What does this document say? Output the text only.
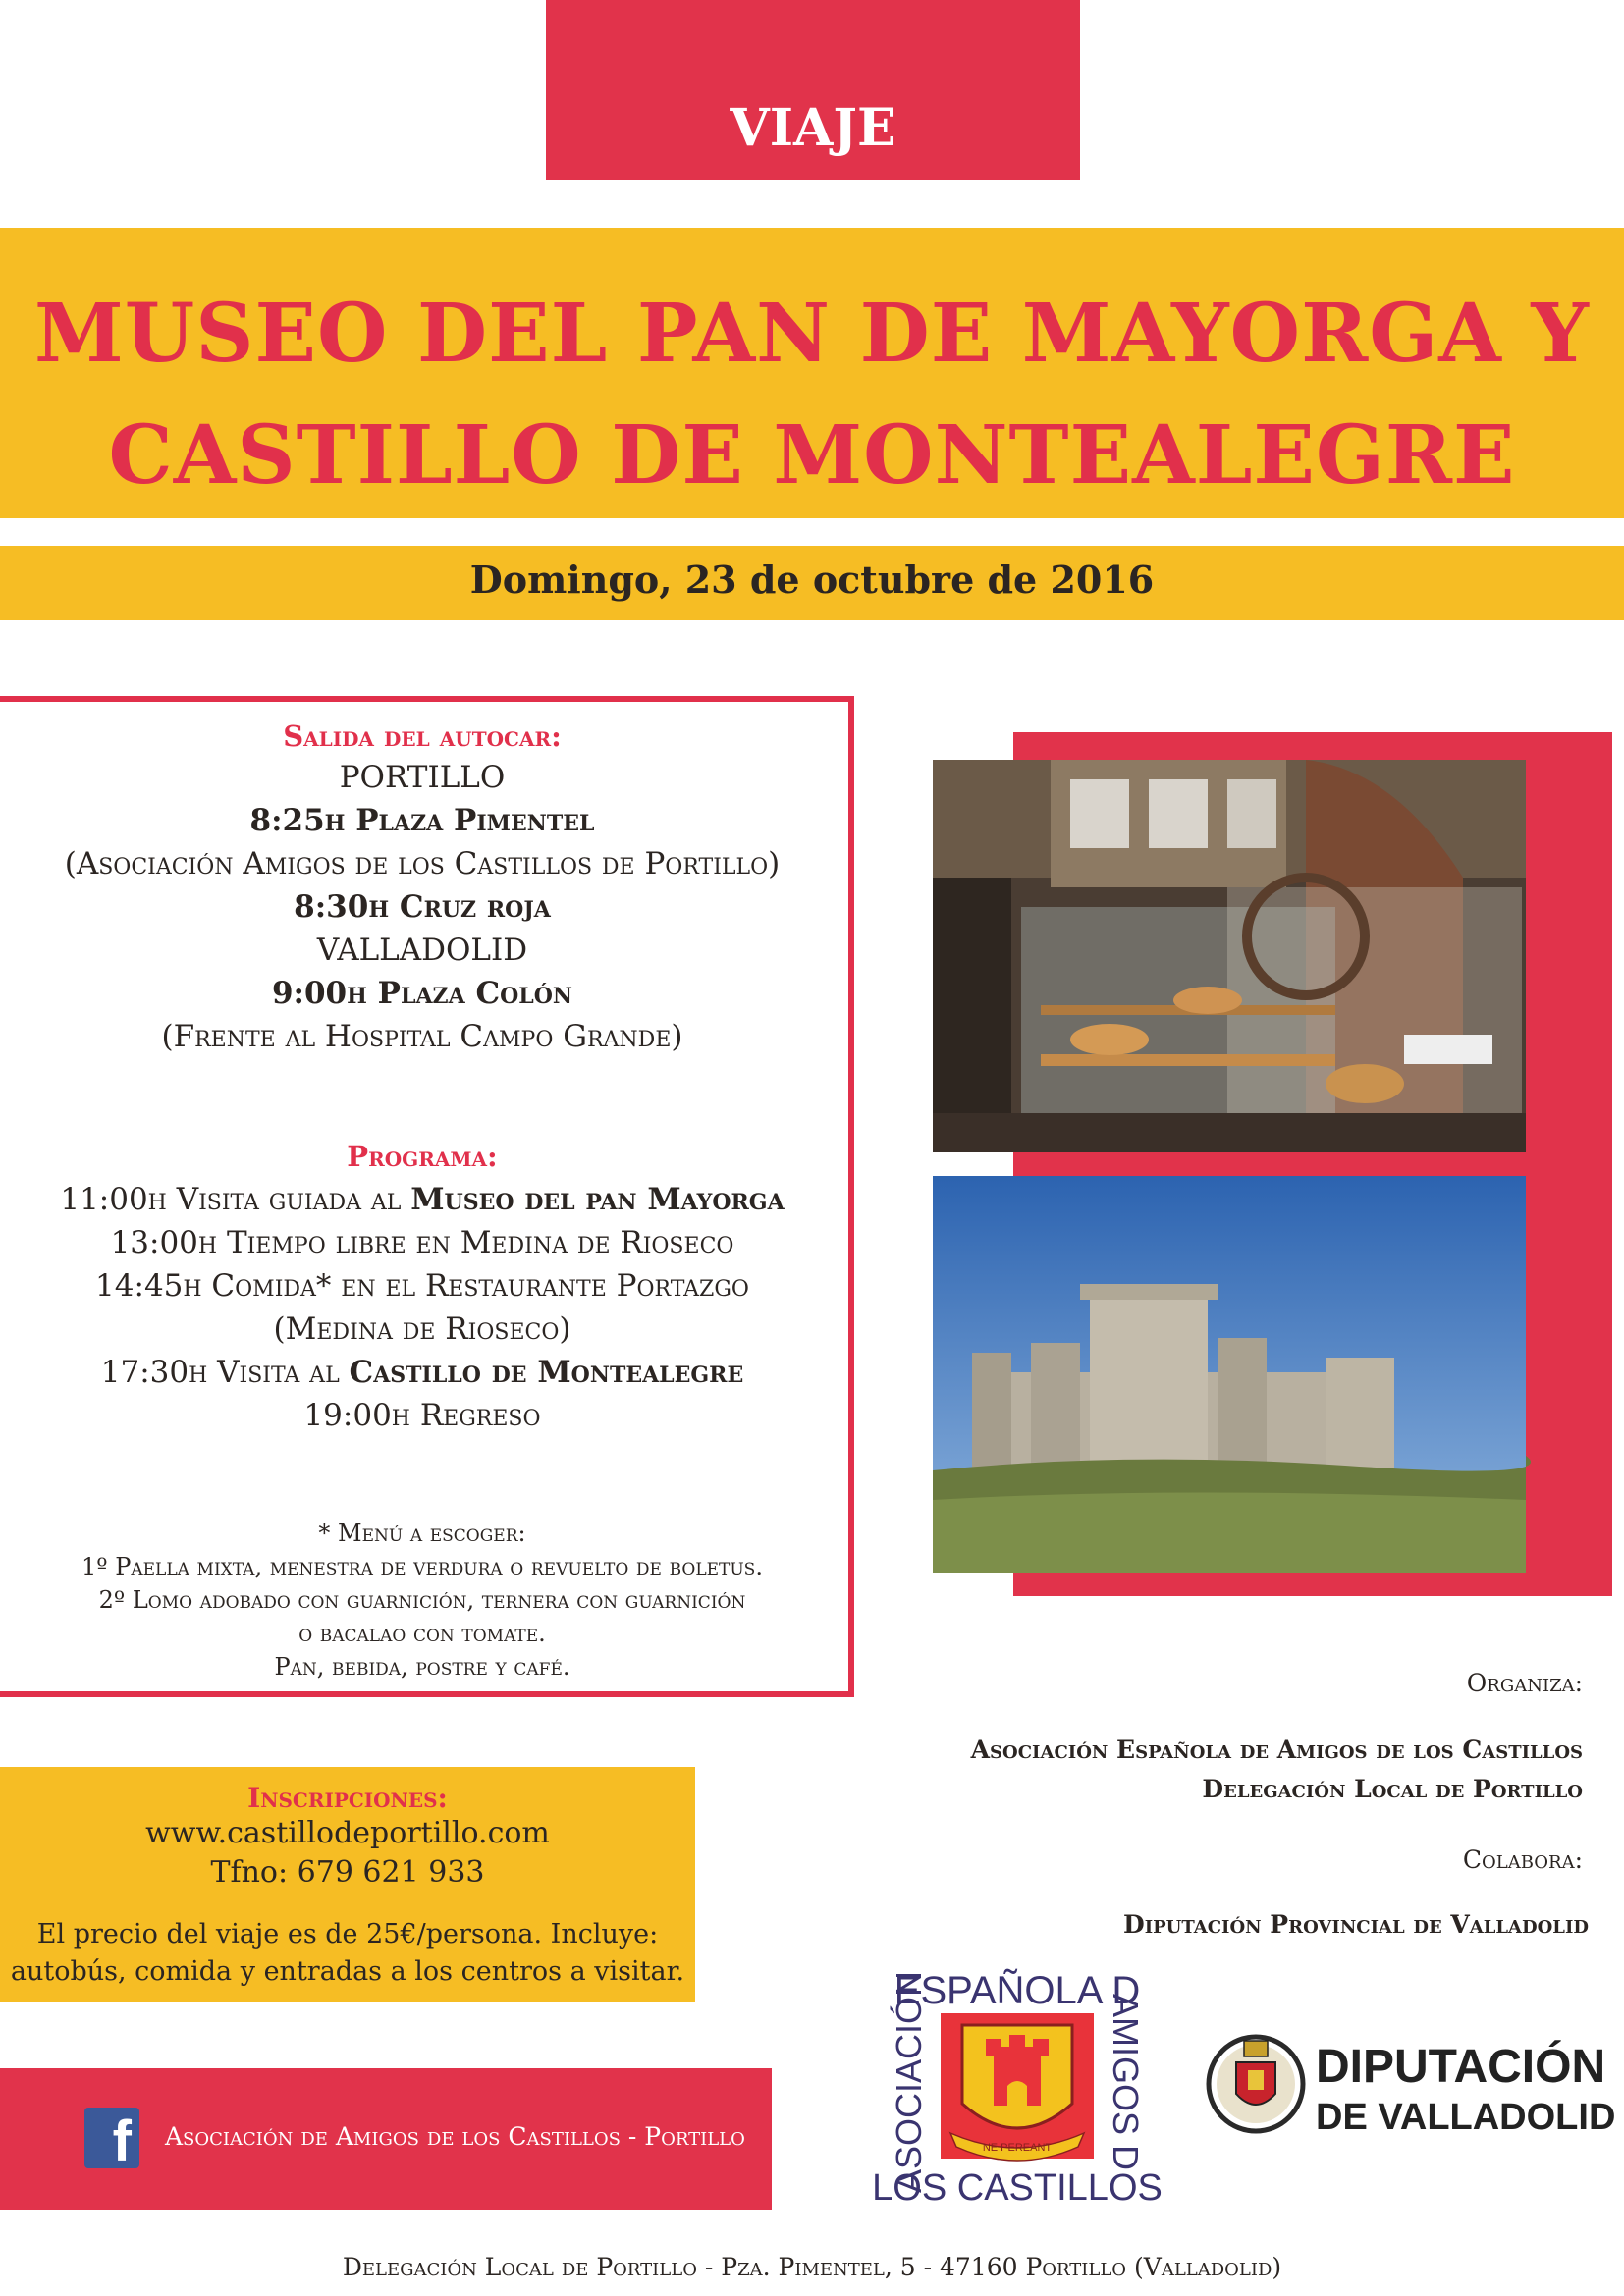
VIAJE
MUSEO DEL PAN DE MAYORGA Y
CASTILLO DE MONTEALEGRE
Domingo, 23 de octubre de 2016
Salida del autocar:
PORTILLO
8:25h Plaza Pimentel
(Asociación Amigos de los Castillos de Portillo)
8:30h Cruz roja
VALLADOLID
9:00h Plaza Colón
(Frente al Hospital Campo Grande)
Programa:
11:00h Visita guiada al Museo del pan Mayorga
13:00h Tiempo libre en Medina de Rioseco
14:45h Comida* en el Restaurante Portazgo
(Medina de Rioseco)
17:30h Visita al Castillo de Montealegre
19:00h Regreso
* Menú a escoger:
1º Paella mixta, menestra de verdura o revuelto de boletus.
2º Lomo adobado con guarnición, ternera con guarnición
o bacalao con tomate.
Pan, bebida, postre y café.
Inscripciones:
www.castillodeportillo.com
Tfno: 679 621 933
El precio del viaje es de 25€/persona. Incluye:
autobús, comida y entradas a los centros a visitar.
f	Asociación de Amigos de los Castillos - Portillo
Organiza:
Asociación Española de Amigos de los Castillos
Delegación Local de Portillo
Colabora:
Diputación Provincial de Valladolid
ESPAÑOLA D
LOS CASTILLOS
ASOCIACIÓN	AMIGOS D
NE PEREANT
DIPUTACIÓN
DE VALLADOLID
Delegación Local de Portillo - Pza. Pimentel, 5 - 47160 Portillo (Valladolid)
